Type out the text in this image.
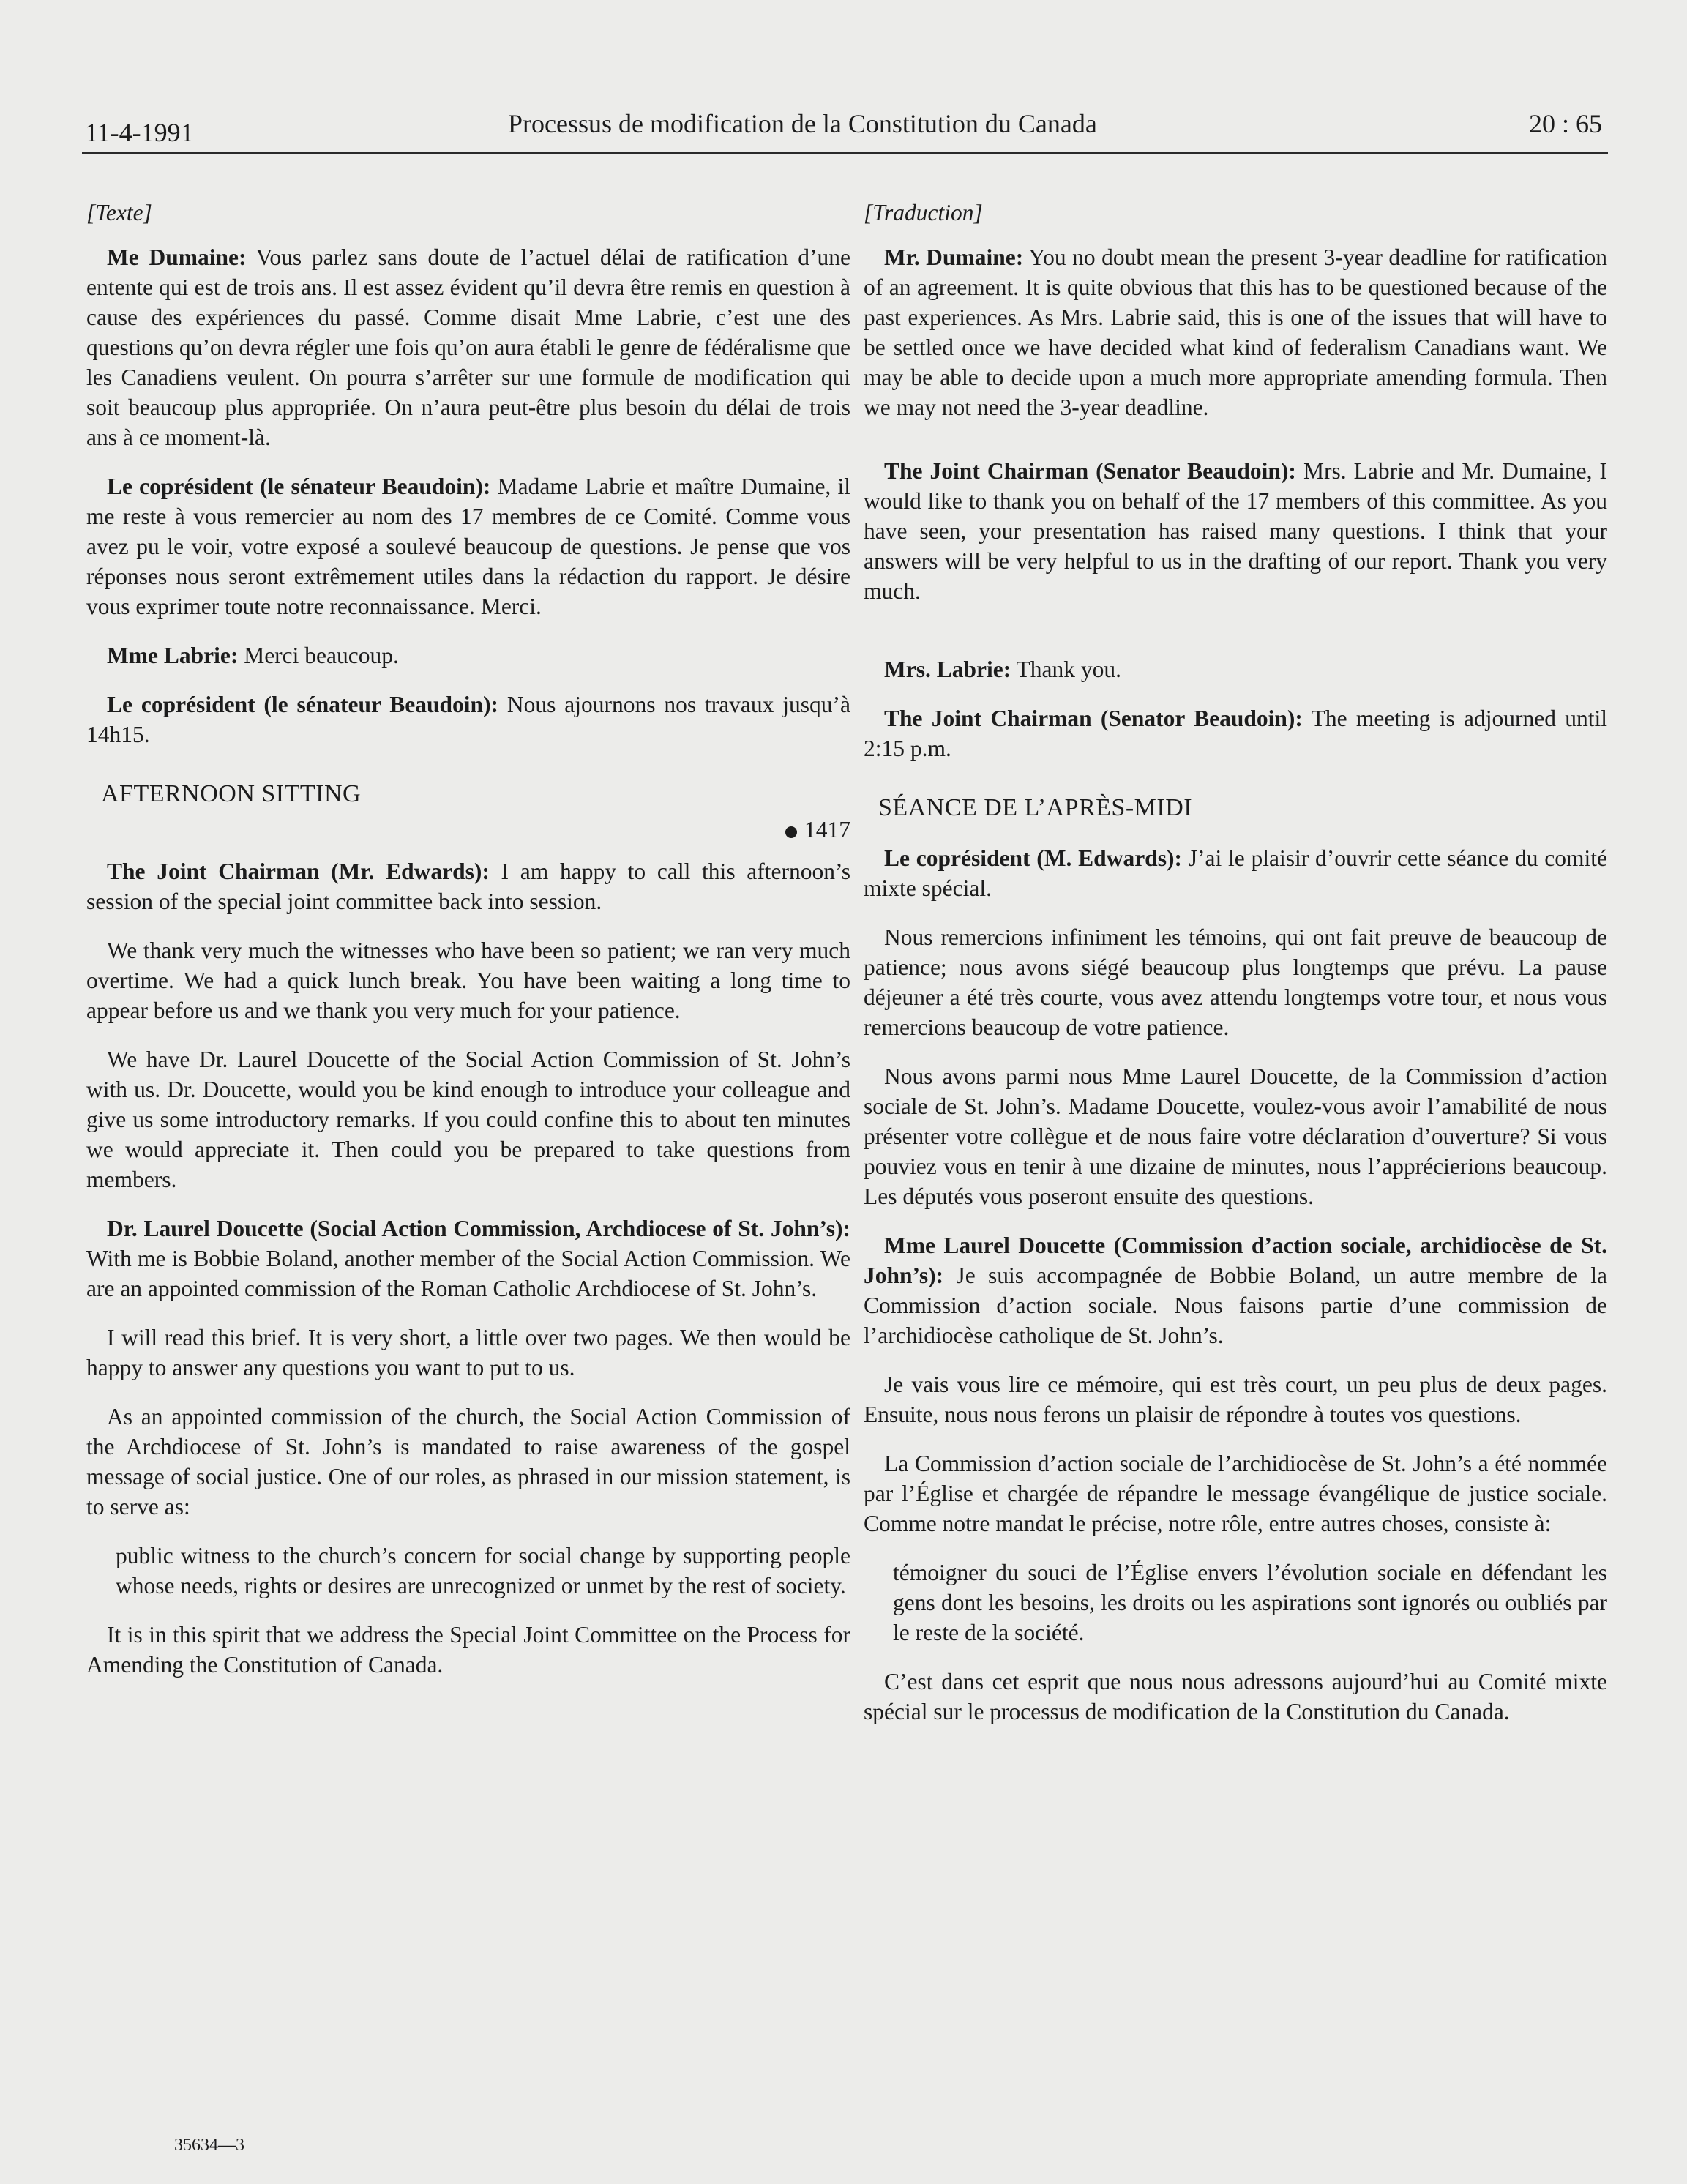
11-4-1991	Processus de modification de la Constitution du Canada	20 : 65

[Texte]

Me Dumaine: Vous parlez sans doute de l’actuel délai de ratification d’une entente qui est de trois ans. Il est assez évident qu’il devra être remis en question à cause des expériences du passé. Comme disait Mme Labrie, c’est une des questions qu’on devra régler une fois qu’on aura établi le genre de fédéralisme que les Canadiens veulent. On pourra s’arrêter sur une formule de modification qui soit beaucoup plus appropriée. On n’aura peut-être plus besoin du délai de trois ans à ce moment-là.

Le coprésident (le sénateur Beaudoin): Madame Labrie et maître Dumaine, il me reste à vous remercier au nom des 17 membres de ce Comité. Comme vous avez pu le voir, votre exposé a soulevé beaucoup de questions. Je pense que vos réponses nous seront extrêmement utiles dans la rédaction du rapport. Je désire vous exprimer toute notre reconnaissance. Merci.

Mme Labrie: Merci beaucoup.

Le coprésident (le sénateur Beaudoin): Nous ajournons nos travaux jusqu’à 14h15.

AFTERNOON SITTING
1417

The Joint Chairman (Mr. Edwards): I am happy to call this afternoon’s session of the special joint committee back into session.

We thank very much the witnesses who have been so patient; we ran very much overtime. We had a quick lunch break. You have been waiting a long time to appear before us and we thank you very much for your patience.

We have Dr. Laurel Doucette of the Social Action Commission of St. John’s with us. Dr. Doucette, would you be kind enough to introduce your colleague and give us some introductory remarks. If you could confine this to about ten minutes we would appreciate it. Then could you be prepared to take questions from members.

Dr. Laurel Doucette (Social Action Commission, Archdiocese of St. John’s): With me is Bobbie Boland, another member of the Social Action Commission. We are an appointed commission of the Roman Catholic Archdiocese of St. John’s.

I will read this brief. It is very short, a little over two pages. We then would be happy to answer any questions you want to put to us.

As an appointed commission of the church, the Social Action Commission of the Archdiocese of St. John’s is mandated to raise awareness of the gospel message of social justice. One of our roles, as phrased in our mission statement, is to serve as:

public witness to the church’s concern for social change by supporting people whose needs, rights or desires are unrecognized or unmet by the rest of society.

It is in this spirit that we address the Special Joint Committee on the Process for Amending the Constitution of Canada.

[Traduction]

Mr. Dumaine: You no doubt mean the present 3-year deadline for ratification of an agreement. It is quite obvious that this has to be questioned because of the past experiences. As Mrs. Labrie said, this is one of the issues that will have to be settled once we have decided what kind of federalism Canadians want. We may be able to decide upon a much more appropriate amending formula. Then we may not need the 3-year deadline.

The Joint Chairman (Senator Beaudoin): Mrs. Labrie and Mr. Dumaine, I would like to thank you on behalf of the 17 members of this committee. As you have seen, your presentation has raised many questions. I think that your answers will be very helpful to us in the drafting of our report. Thank you very much.

Mrs. Labrie: Thank you.

The Joint Chairman (Senator Beaudoin): The meeting is adjourned until 2:15 p.m.

SÉANCE DE L’APRÈS-MIDI

Le coprésident (M. Edwards): J’ai le plaisir d’ouvrir cette séance du comité mixte spécial.

Nous remercions infiniment les témoins, qui ont fait preuve de beaucoup de patience; nous avons siégé beaucoup plus longtemps que prévu. La pause déjeuner a été très courte, vous avez attendu longtemps votre tour, et nous vous remercions beaucoup de votre patience.

Nous avons parmi nous Mme Laurel Doucette, de la Commission d’action sociale de St. John’s. Madame Doucette, voulez-vous avoir l’amabilité de nous présenter votre collègue et de nous faire votre déclaration d’ouverture? Si vous pouviez vous en tenir à une dizaine de minutes, nous l’apprécierions beaucoup. Les députés vous poseront ensuite des questions.

Mme Laurel Doucette (Commission d’action sociale, archidiocèse de St. John’s): Je suis accompagnée de Bobbie Boland, un autre membre de la Commission d’action sociale. Nous faisons partie d’une commission de l’archidiocèse catholique de St. John’s.

Je vais vous lire ce mémoire, qui est très court, un peu plus de deux pages. Ensuite, nous nous ferons un plaisir de répondre à toutes vos questions.

La Commission d’action sociale de l’archidiocèse de St. John’s a été nommée par l’Église et chargée de répandre le message évangélique de justice sociale. Comme notre mandat le précise, notre rôle, entre autres choses, consiste à:

témoigner du souci de l’Église envers l’évolution sociale en défendant les gens dont les besoins, les droits ou les aspirations sont ignorés ou oubliés par le reste de la société.

C’est dans cet esprit que nous nous adressons aujourd’hui au Comité mixte spécial sur le processus de modification de la Constitution du Canada.

35634—3
